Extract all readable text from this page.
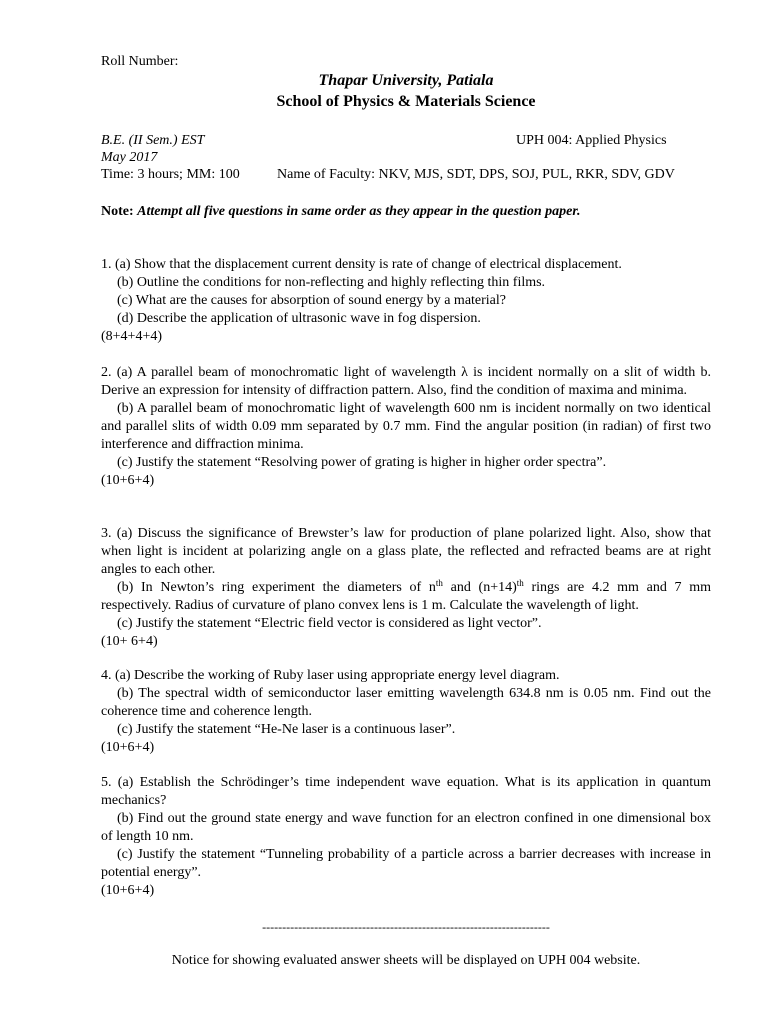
Roll Number:
Thapar University, Patiala
School of Physics & Materials Science
B.E. (II Sem.) EST	UPH 004: Applied Physics
May 2017
Time: 3 hours; MM: 100	Name of Faculty: NKV, MJS, SDT, DPS, SOJ, PUL, RKR, SDV, GDV
Note: Attempt all five questions in same order as they appear in the question paper.

1. (a) Show that the displacement current density is rate of change of electrical displacement.

(b) Outline the conditions for non-reflecting and highly reflecting thin films.

(c) What are the causes for absorption of sound energy by a material?

(d) Describe the application of ultrasonic wave in fog dispersion.

(8+4+4+4)

2. (a) A parallel beam of monochromatic light of wavelength λ is incident normally on a slit of width b. Derive an expression for intensity of diffraction pattern. Also, find the condition of maxima and minima.

(b) A parallel beam of monochromatic light of wavelength 600 nm is incident normally on two identical and parallel slits of width 0.09 mm separated by 0.7 mm. Find the angular position (in radian) of first two interference and diffraction minima.

(c) Justify the statement “Resolving power of grating is higher in higher order spectra”.

(10+6+4)

3. (a) Discuss the significance of Brewster’s law for production of plane polarized light. Also, show that when light is incident at polarizing angle on a glass plate, the reflected and refracted beams are at right angles to each other.

(b) In Newton’s ring experiment the diameters of $n^{th}$ and $(n+14)^{th}$ rings are 4.2 mm and 7 mm respectively. Radius of curvature of plano convex lens is 1 m. Calculate the wavelength of light.

(c) Justify the statement “Electric field vector is considered as light vector”.

(10+ 6+4)

4. (a) Describe the working of Ruby laser using appropriate energy level diagram.

(b) The spectral width of semiconductor laser emitting wavelength 634.8 nm is 0.05 nm. Find out the coherence time and coherence length.

(c) Justify the statement “He-Ne laser is a continuous laser”.

(10+6+4)

5. (a) Establish the Schrödinger’s time independent wave equation. What is its application in quantum mechanics?

(b) Find out the ground state energy and wave function for an electron confined in one dimensional box of length 10 nm.

(c) Justify the statement “Tunneling probability of a particle across a barrier decreases with increase in potential energy”.

(10+6+4)

------------------------------------------------------------------------
Notice for showing evaluated answer sheets will be displayed on UPH 004 website.
